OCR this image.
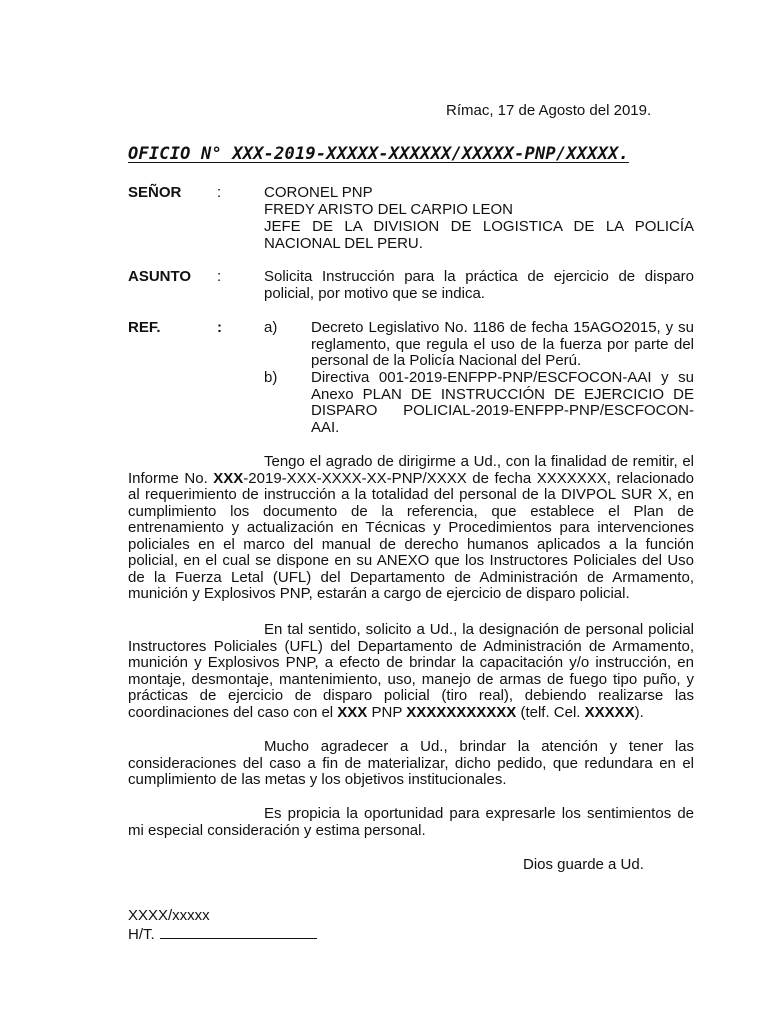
Rímac, 17 de Agosto del 2019.
OFICIO N° XXX-2019-XXXXX-XXXXXX/XXXXX-PNP/XXXXX.
SEÑOR :	CORONEL PNP
FREDY ARISTO DEL CARPIO LEON
JEFE DE LA DIVISION DE LOGISTICA DE LA POLICÍA NACIONAL DEL PERU.
ASUNTO :	Solicita Instrucción para la práctica de ejercicio de disparo policial, por motivo que se indica.
REF.	:	a) Decreto Legislativo No. 1186 de fecha 15AGO2015, y su reglamento, que regula el uso de la fuerza por parte del personal de la Policía Nacional del Perú.
b) Directiva 001-2019-ENFPP-PNP/ESCFOCON-AAI y su Anexo PLAN DE INSTRUCCIÓN DE EJERCICIO DE DISPARO POLICIAL-2019-ENFPP-PNP/ESCFOCON-AAI.
Tengo el agrado de dirigirme a Ud., con la finalidad de remitir, el Informe No. XXX-2019-XXX-XXXX-XX-PNP/XXXX de fecha XXXXXXX, relacionado al requerimiento de instrucción a la totalidad del personal de la DIVPOL SUR X, en cumplimiento los documento de la referencia, que establece el Plan de entrenamiento y actualización en Técnicas y Procedimientos para intervenciones policiales en el marco del manual de derecho humanos aplicados a la función policial, en el cual se dispone en su ANEXO que los Instructores Policiales del Uso de la Fuerza Letal (UFL) del Departamento de Administración de Armamento, munición y Explosivos PNP, estarán a cargo de ejercicio de disparo policial.
En tal sentido, solicito a Ud., la designación de personal policial Instructores Policiales (UFL) del Departamento de Administración de Armamento, munición y Explosivos PNP, a efecto de brindar la capacitación y/o instrucción, en montaje, desmontaje, mantenimiento, uso, manejo de armas de fuego tipo puño, y prácticas de ejercicio de disparo policial (tiro real), debiendo realizarse las coordinaciones del caso con el XXX PNP XXXXXXXXXXX (telf. Cel. XXXXX).
Mucho agradecer a Ud., brindar la atención y tener las consideraciones del caso a fin de materializar, dicho pedido, que redundara en el cumplimiento de las metas y los objetivos institucionales.
Es propicia la oportunidad para expresarle los sentimientos de mi especial consideración y estima personal.
Dios guarde a Ud.
XXXX/xxxxx
H/T.
